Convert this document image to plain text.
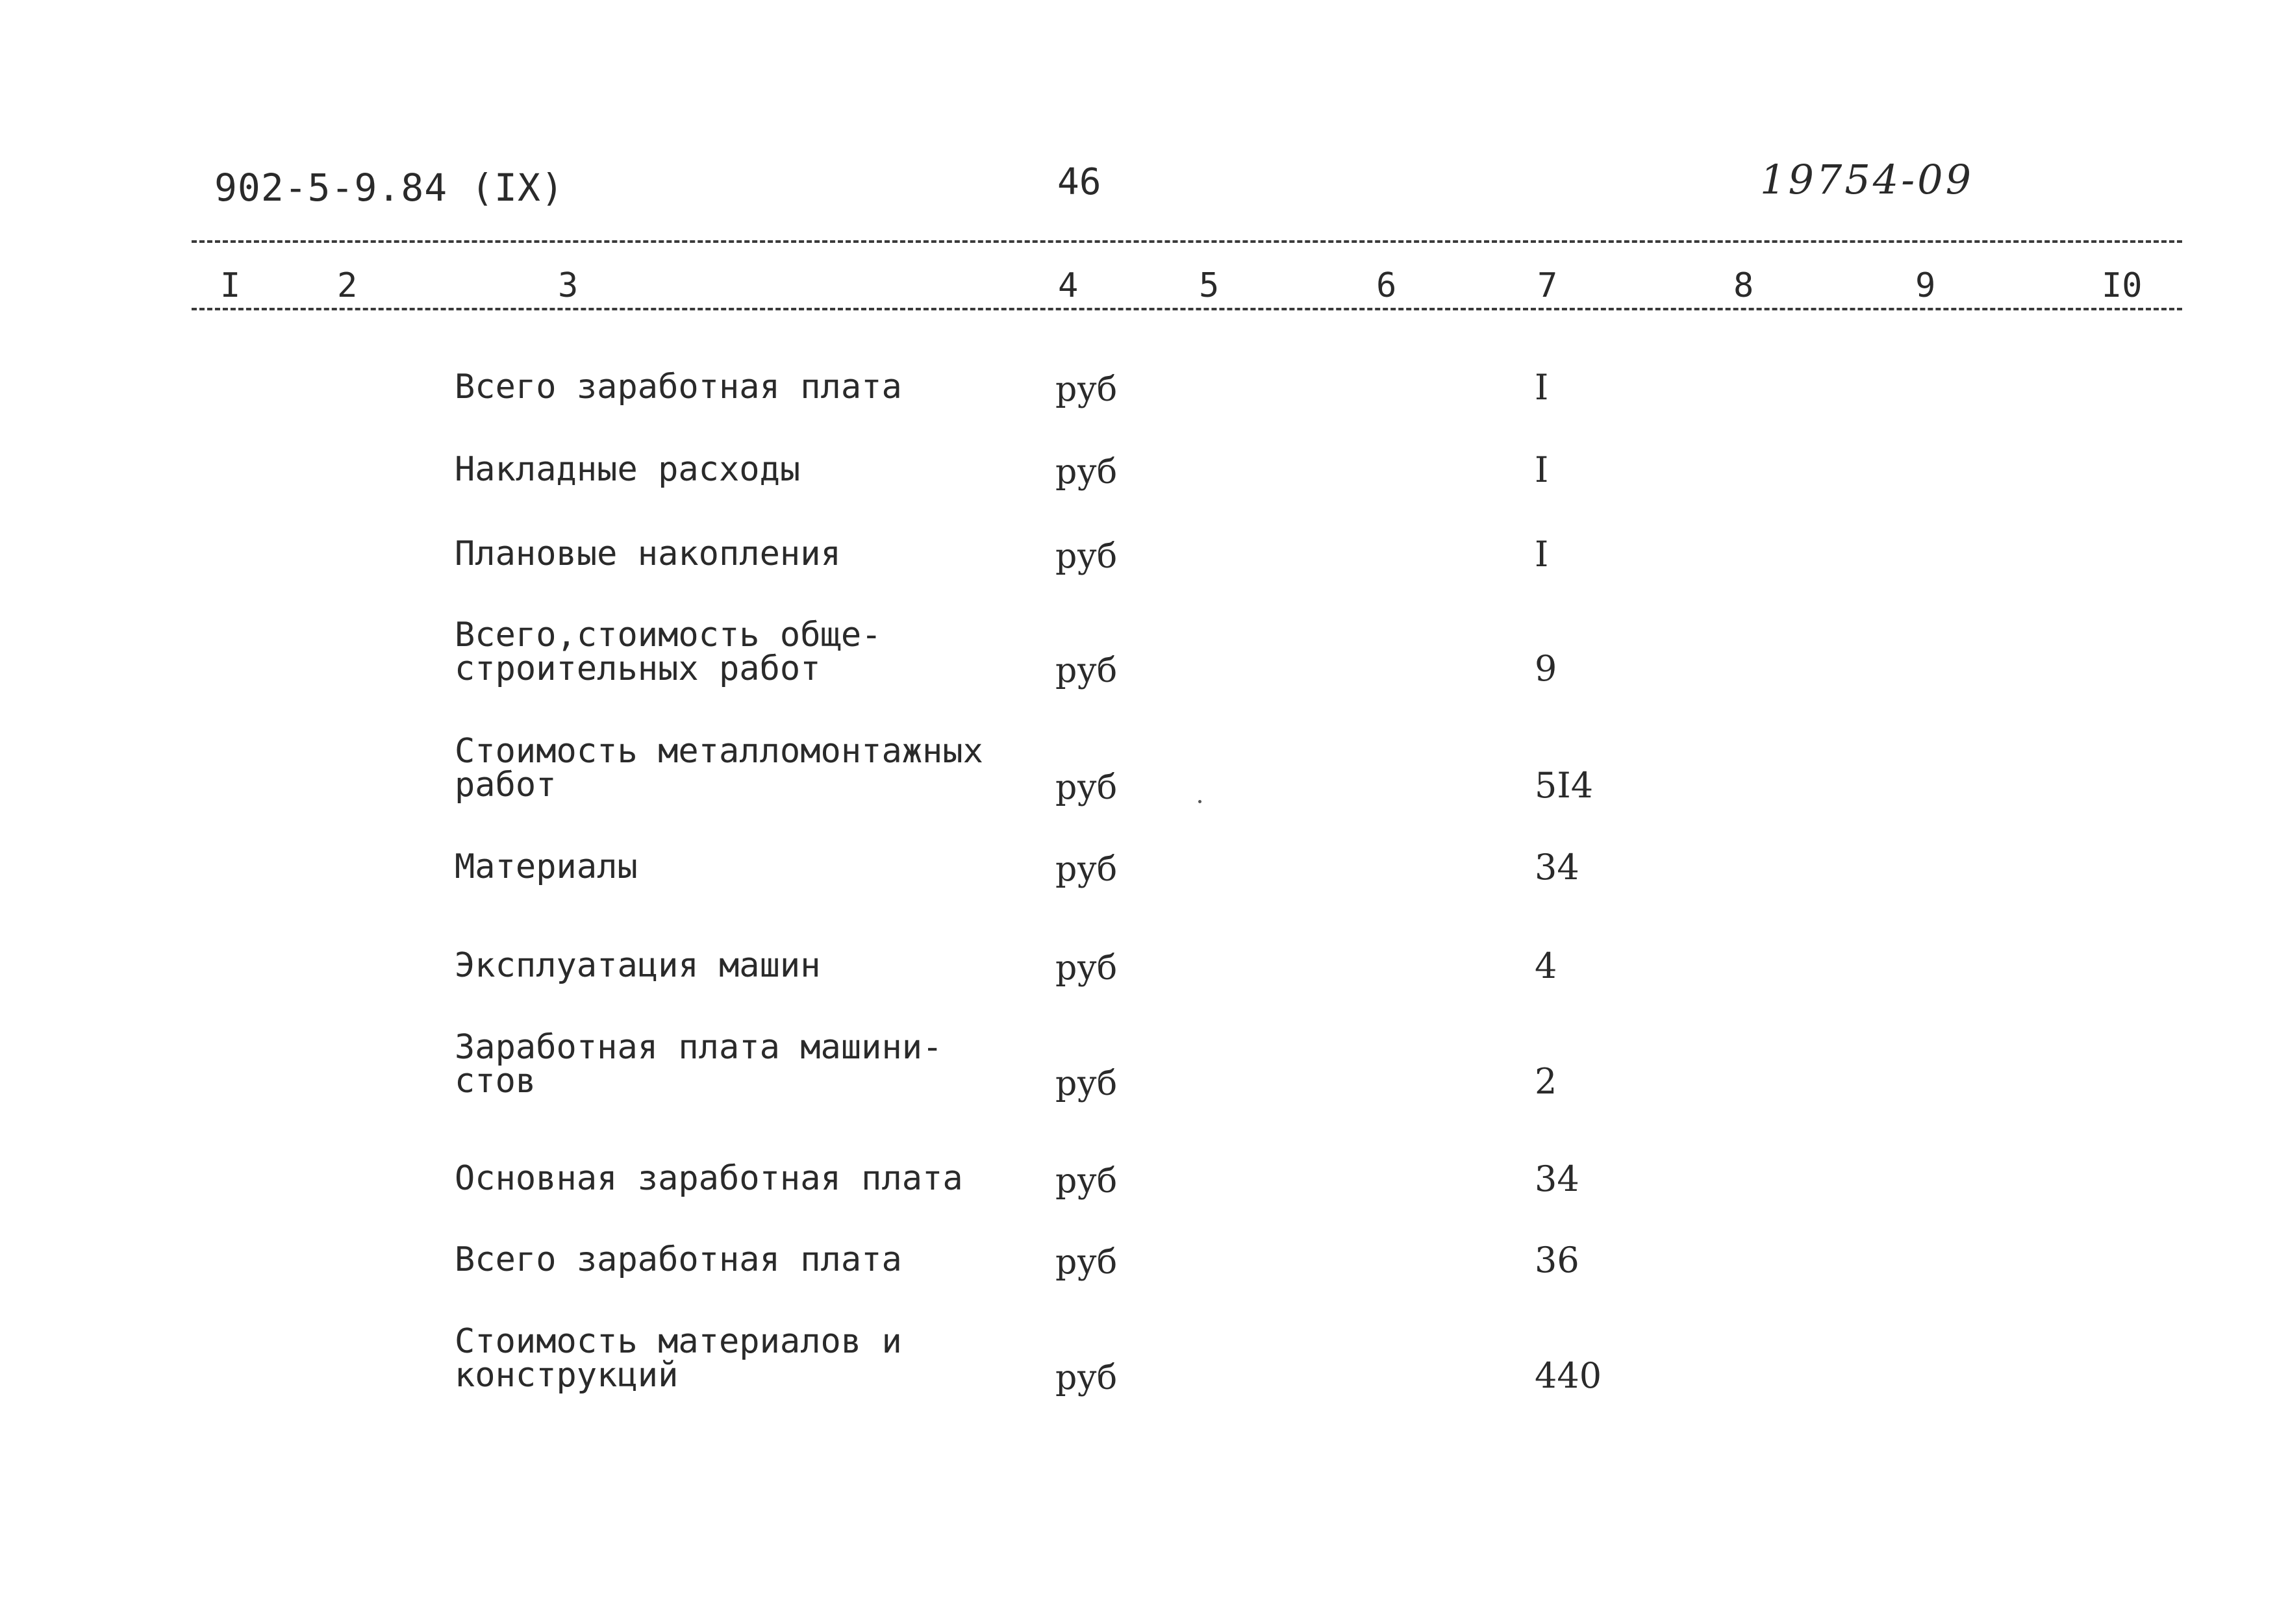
902-5-9.84 (IX)	46	19754-09
I	2	3	4	5	6	7	8	9	I0
Всего заработная плата	руб	I
Накладные расходы	руб	I
Плановые накопления	руб	I
Всего,стоимость обще-
строительных работ	руб	9
Стоимость металломонтажных
работ	руб	5I4
Материалы	руб	34
Эксплуатация машин	руб	4
Заработная плата машини-
стов	руб	2
Основная заработная плата	руб	34
Всего заработная плата	руб	36
Стоимость материалов и
конструкций	руб	440
